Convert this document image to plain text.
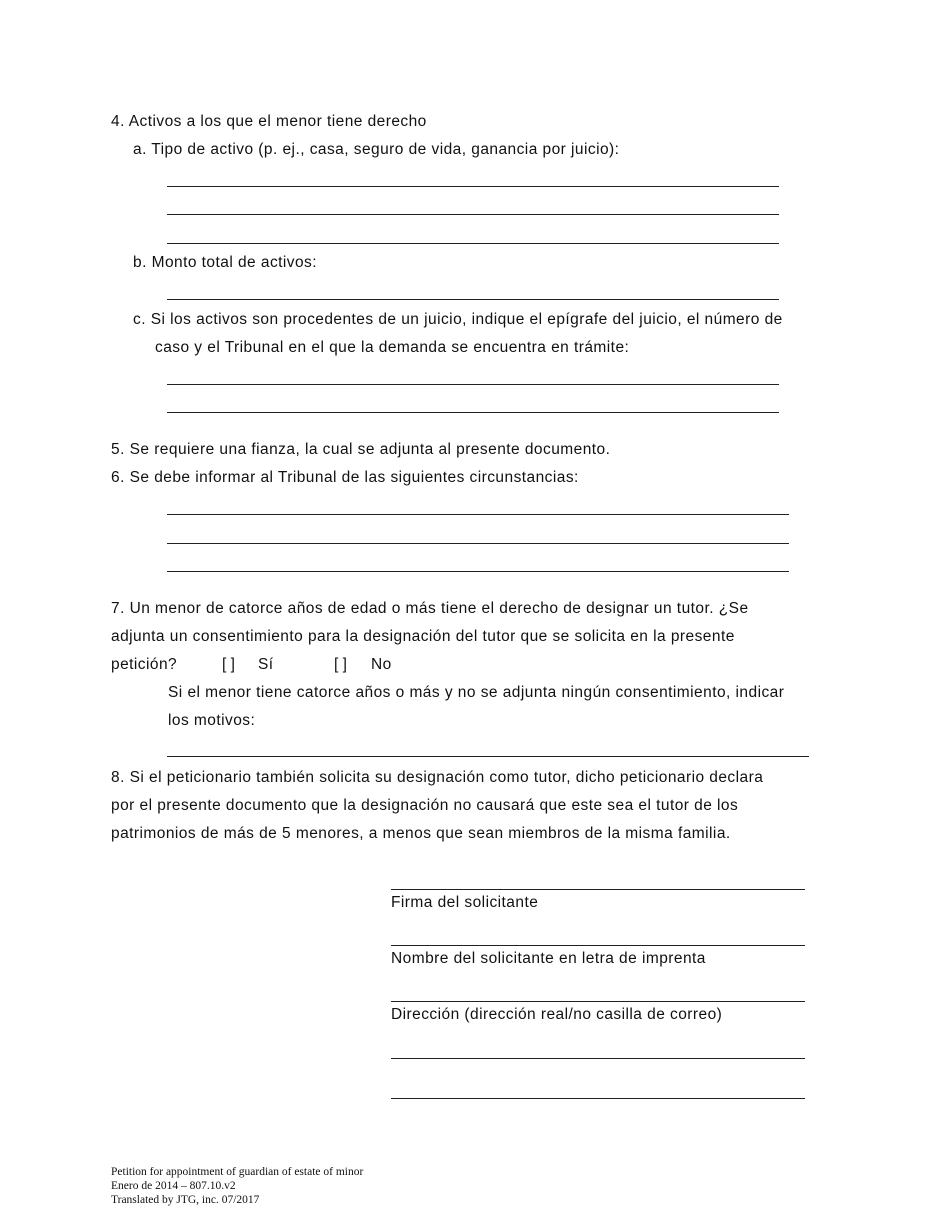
4. Activos a los que el menor tiene derecho
a. Tipo de activo (p. ej., casa, seguro de vida, ganancia por juicio):
b. Monto total de activos:
c. Si los activos son procedentes de un juicio, indique el epígrafe del juicio, el número de
caso y el Tribunal en el que la demanda se encuentra en trámite:
5. Se requiere una fianza, la cual se adjunta al presente documento.
6. Se debe informar al Tribunal de las siguientes circunstancias:
7. Un menor de catorce años de edad o más tiene el derecho de designar un tutor. ¿Se
adjunta un consentimiento para la designación del tutor que se solicita en la presente
petición?	[ ] Sí	[ ] No
Si el menor tiene catorce años o más y no se adjunta ningún consentimiento, indicar
los motivos:
8. Si el peticionario también solicita su designación como tutor, dicho peticionario declara
por el presente documento que la designación no causará que este sea el tutor de los
patrimonios de más de 5 menores, a menos que sean miembros de la misma familia.
Firma del solicitante
Nombre del solicitante en letra de imprenta
Dirección (dirección real/no casilla de correo)
Petition for appointment of guardian of estate of minor
Enero de 2014 – 807.10.v2
Translated by JTG, inc. 07/2017
